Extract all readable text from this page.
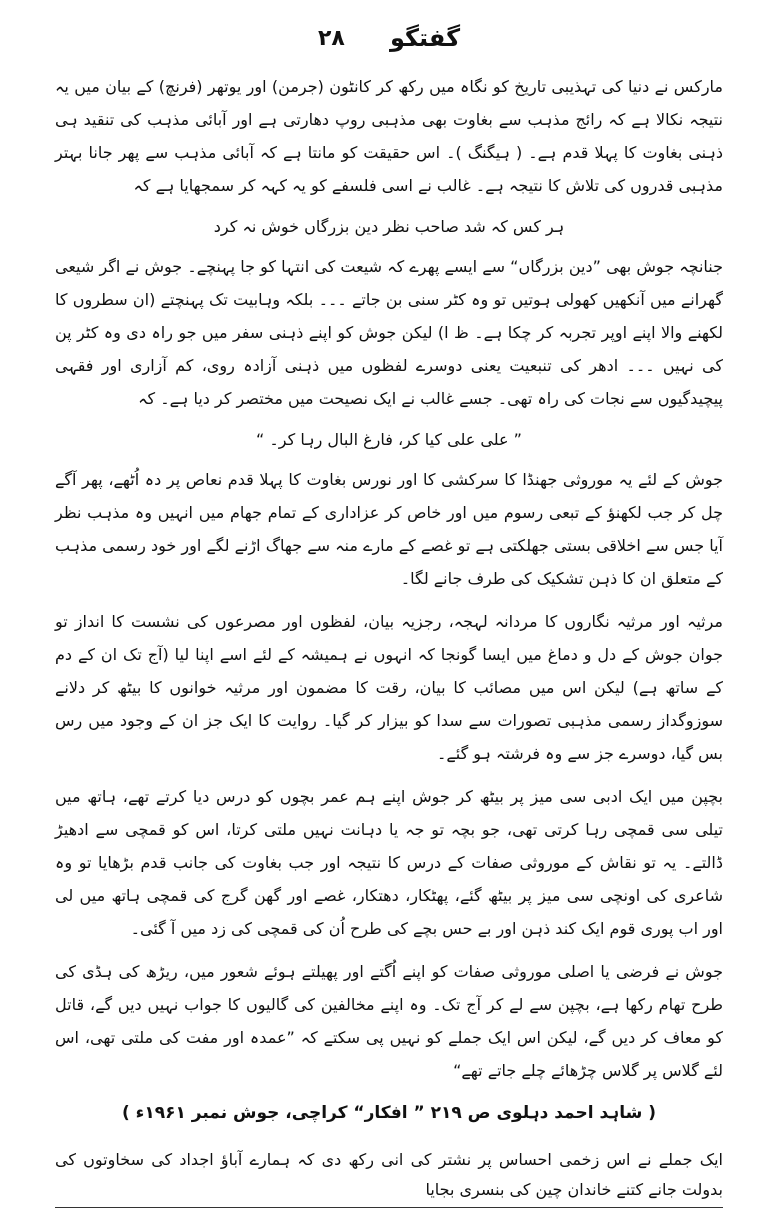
گفتگو
۲۸

مارکس نے دنیا کی تہذیبی تاریخ کو نگاہ میں رکھ کر کانٹون (جرمن) اور یوتھر (فرنچ) کے بیان میں یہ نتیجہ نکالا ہے کہ رائج مذہب سے بغاوت بھی مذہبی روپ دھارتی ہے اور آبائی مذہب کی تنقید ہی ذہنی بغاوت کا پہلا قدم ہے۔ ( ہیگنگ )۔ اس حقیقت کو مانتا ہے کہ آبائی مذہب سے پھر جانا بہتر مذہبی قدروں کی تلاش کا نتیجہ ہے۔ غالب نے اسی فلسفے کو یہ کہہ کر سمجھایا ہے کہ

ہر کس کہ شد صاحب نظر دین بزرگاں خوش نہ کرد

جنانچہ جوش بھی ”دین بزرگاں“ سے ایسے پھرے کہ شیعت کی انتہا کو جا پہنچے۔ جوش نے اگر شیعی گھرانے میں آنکھیں کھولی ہوتیں تو وہ کٹر سنی بن جاتے ۔۔۔ بلکہ وہابیت تک پہنچتے (ان سطروں کا لکھنے والا اپنے اوپر تجربہ کر چکا ہے۔ ظ ا) لیکن جوش کو اپنے ذہنی سفر میں جو راہ دی وہ کٹر پن کی نہیں ۔۔۔ ادھر کی تنبعیت یعنی دوسرے لفظوں میں ذہنی آزادہ روی، کم آزاری اور فقہی پیچیدگیوں سے نجات کی راہ تھی۔ جسے غالب نے ایک نصیحت میں مختصر کر دیا ہے۔ کہ

” علی علی کیا کر، فارغ البال رہا کر۔ “

جوش کے لئے یہ موروثی جھنڈا کا سرکشی کا اور نورس بغاوت کا پہلا قدم نعاص پر دہ اُٹھے، پھر آگے چل کر جب لکھنؤ کے تبعی رسوم میں اور خاص کر عزاداری کے تمام جھام میں انہیں وہ مذہب نظر آیا جس سے اخلاقی بستی جھلکتی ہے تو غصے کے مارے منہ سے جھاگ اڑنے لگے اور خود رسمی مذہب کے متعلق ان کا ذہن تشکیک کی طرف جانے لگا۔

مرثیہ اور مرثیہ نگاروں کا مردانہ لہجہ، رجزیہ بیان، لفظوں اور مصرعوں کی نشست کا انداز تو جوان جوش کے دل و دماغ میں ایسا گونجا کہ انہوں نے ہمیشہ کے لئے اسے اپنا لیا (آج تک ان کے دم کے ساتھ ہے) لیکن اس میں مصائب کا بیان، رقت کا مضمون اور مرثیہ خوانوں کا بیٹھ کر دلانے سوزوگداز رسمی مذہبی تصورات سے سدا کو بیزار کر گیا۔ روایت کا ایک جز ان کے وجود میں رس بس گیا، دوسرے جز سے وہ فرشتہ ہو گئے۔

بچپن میں ایک ادبی سی میز پر بیٹھ کر جوش اپنے ہم عمر بچوں کو درس دیا کرتے تھے، ہاتھ میں تیلی سی قمچی رہا کرتی تھی، جو بچہ تو جہ یا دہانت نہیں ملتی کرتا، اس کو قمچی سے ادھیڑ ڈالتے۔ یہ تو نقاش کے موروثی صفات کے درس کا نتیجہ اور جب بغاوت کی جانب قدم بڑھایا تو وہ شاعری کی اونچی سی میز پر بیٹھ گئے، پھٹکار، دھتکار، غصے اور گھن گرج کی قمچی ہاتھ میں لی اور اب پوری قوم ایک کند ذہن اور بے حس بچے کی طرح اُن کی قمچی کی زد میں آ گئی۔

جوش نے فرضی یا اصلی موروثی صفات کو اپنے اُگتے اور پھیلتے ہوئے شعور میں، ریڑھ کی ہڈی کی طرح تھام رکھا ہے، بچپن سے لے کر آج تک۔ وہ اپنے مخالفین کی گالیوں کا جواب نہیں دیں گے، قاتل کو معاف کر دیں گے، لیکن اس ایک جملے کو نہیں پی سکتے کہ ”عمدہ اور مفت کی ملتی تھی، اس لئے گلاس پر گلاس چڑھائے چلے جاتے تھے“

( شاہد احمد دہلوی ص ۲۱۹ ” افکار“ کراچی، جوش نمبر ۱۹۶۱ء )

ایک جملے نے اس زخمی احساس پر نشتر کی انی رکھ دی کہ ہمارے آباؤ اجداد کی سخاوتوں کی بدولت جانے کتنے خاندان چین کی بنسری بجایا
